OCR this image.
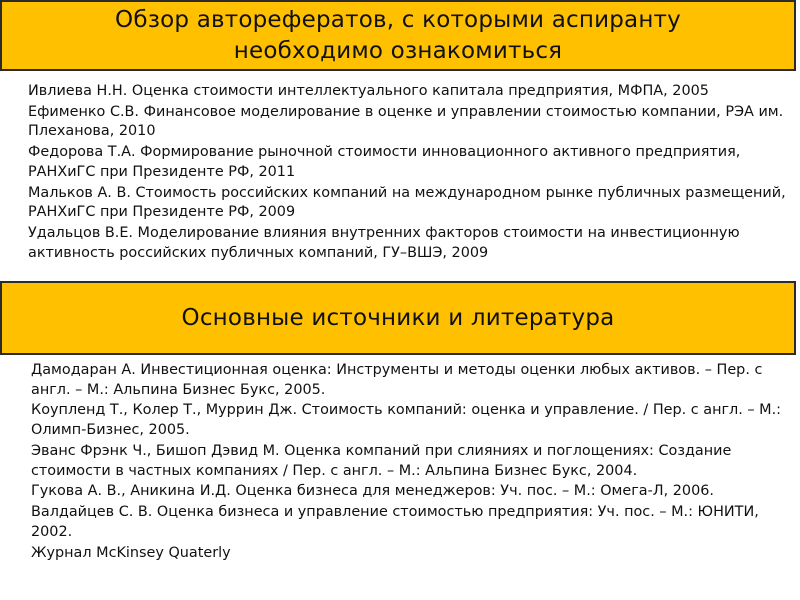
Обзор авторефератов, с которыми аспиранту необходимо ознакомиться
Ивлиева Н.Н. Оценка стоимости интеллектуального капитала предприятия, МФПА, 2005
Ефименко С.В. Финансовое моделирование в оценке и управлении стоимостью компании, РЭА им. Плеханова, 2010
Федорова Т.А. Формирование рыночной стоимости инновационного активного предприятия, РАНХиГС при Президенте РФ, 2011
Мальков А. В. Стоимость российских компаний на международном рынке публичных размещений, РАНХиГС при Президенте РФ, 2009
Удальцов В.Е. Моделирование влияния внутренних факторов стоимости на инвестиционную активность российских публичных компаний, ГУ–ВШЭ, 2009
Основные источники и литература
Дамодаран А. Инвестиционная оценка: Инструменты и методы оценки любых активов. – Пер. с англ. – М.: Альпина Бизнес Букс, 2005.
Коупленд Т., Колер Т., Муррин Дж. Стоимость компаний: оценка и управление. / Пер. с англ. – М.: Олимп-Бизнес, 2005.
Эванс Фрэнк Ч., Бишоп Дэвид М. Оценка компаний при слияниях и поглощениях: Создание стоимости в частных компаниях / Пер. с англ. – М.: Альпина Бизнес Букс, 2004.
Гукова А. В., Аникина И.Д. Оценка бизнеса для менеджеров: Уч. пос. – М.: Омега-Л, 2006.
Валдайцев С. В. Оценка бизнеса и управление стоимостью предприятия: Уч. пос. – М.: ЮНИТИ, 2002.
Журнал McKinsey Quaterly
